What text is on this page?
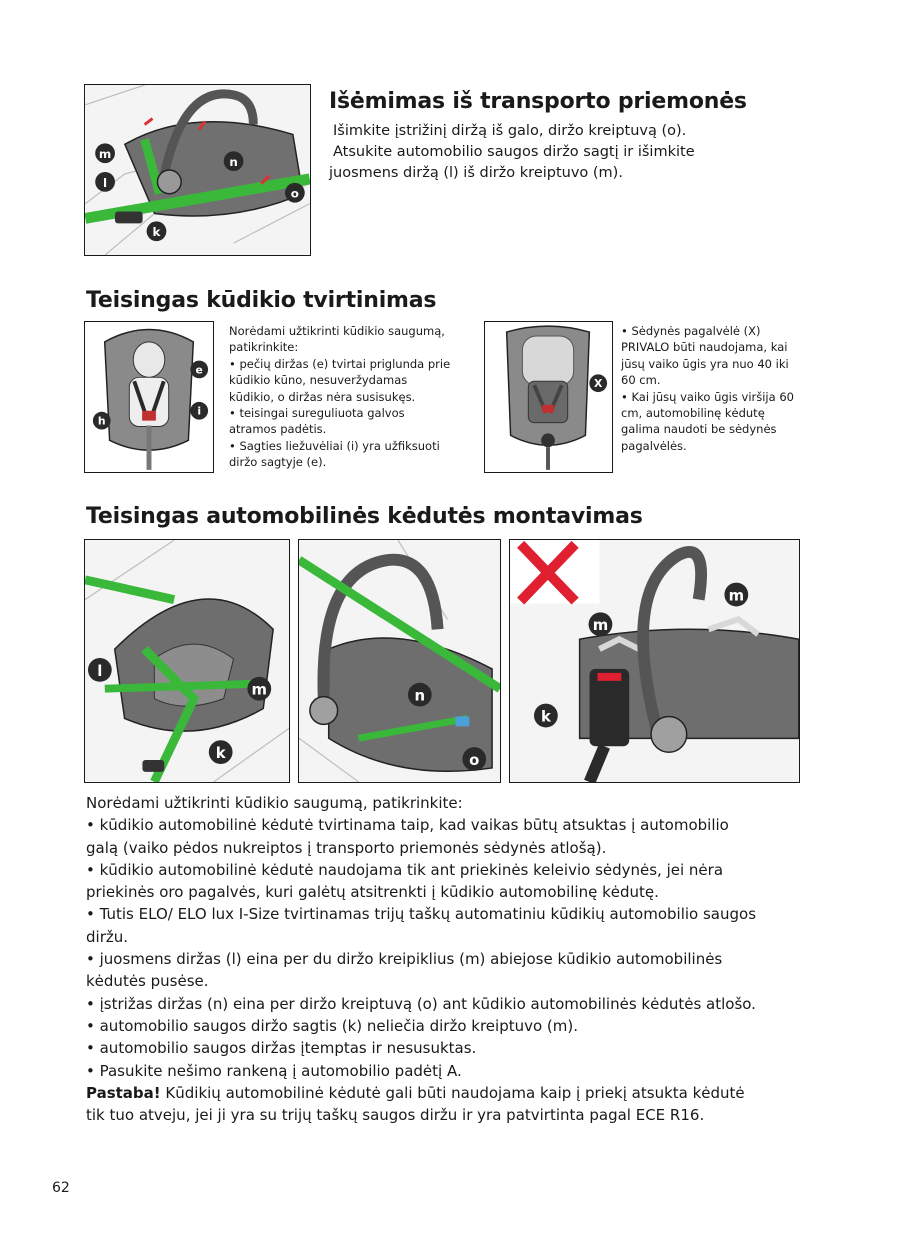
m
l
n
o
k
Išėmimas iš transporto priemonės
Išimkite įstrižinį diržą iš galo, diržo kreiptuvą (o).
Atsukite automobilio saugos diržo sagtį ir išimkite
juosmens diržą (l) iš diržo kreiptuvo (m).
Teisingas kūdikio tvirtinimas
e
i
h
Norėdami užtikrinti kūdikio saugumą,
patikrinkite:
• pečių diržas (e) tvirtai priglunda prie
kūdikio kūno, nesuveržydamas
kūdikio, o diržas nėra susisukęs.
• teisingai sureguliuota galvos
atramos padėtis.
• Sagties liežuvėliai (i) yra užfiksuoti
diržo sagtyje (e).
X
• Sėdynės pagalvėlė (X)
PRIVALO būti naudojama, kai
jūsų vaiko ūgis yra nuo 40 iki
60 cm.
• Kai jūsų vaiko ūgis viršija 60
cm, automobilinę kėdutę
galima naudoti be sėdynės
pagalvėlės.
Teisingas automobilinės kėdutės montavimas
l
m
k
n
o
m
m
k
Norėdami užtikrinti kūdikio saugumą, patikrinkite:
• kūdikio automobilinė kėdutė tvirtinama taip, kad vaikas būtų atsuktas į automobilio
galą (vaiko pėdos nukreiptos į transporto priemonės sėdynės atlošą).
• kūdikio automobilinė kėdutė naudojama tik ant priekinės keleivio sėdynės, jei nėra
priekinės oro pagalvės, kuri galėtų atsitrenkti į kūdikio automobilinę kėdutę.
• Tutis ELO/ ELO lux I-Size tvirtinamas trijų taškų automatiniu kūdikių automobilio saugos
diržu.
• juosmens diržas (l) eina per du diržo kreipiklius (m) abiejose kūdikio automobilinės
kėdutės pusėse.
• įstrižas diržas (n) eina per diržo kreiptuvą (o) ant kūdikio automobilinės kėdutės atlošo.
• automobilio saugos diržo sagtis (k) neliečia diržo kreiptuvo (m).
• automobilio saugos diržas įtemptas ir nesusuktas.
• Pasukite nešimo rankeną į automobilio padėtį A.
Pastaba! Kūdikių automobilinė kėdutė gali būti naudojama kaip į priekį atsukta kėdutė
tik tuo atveju, jei ji yra su trijų taškų saugos diržu ir yra patvirtinta pagal ECE R16.
62
